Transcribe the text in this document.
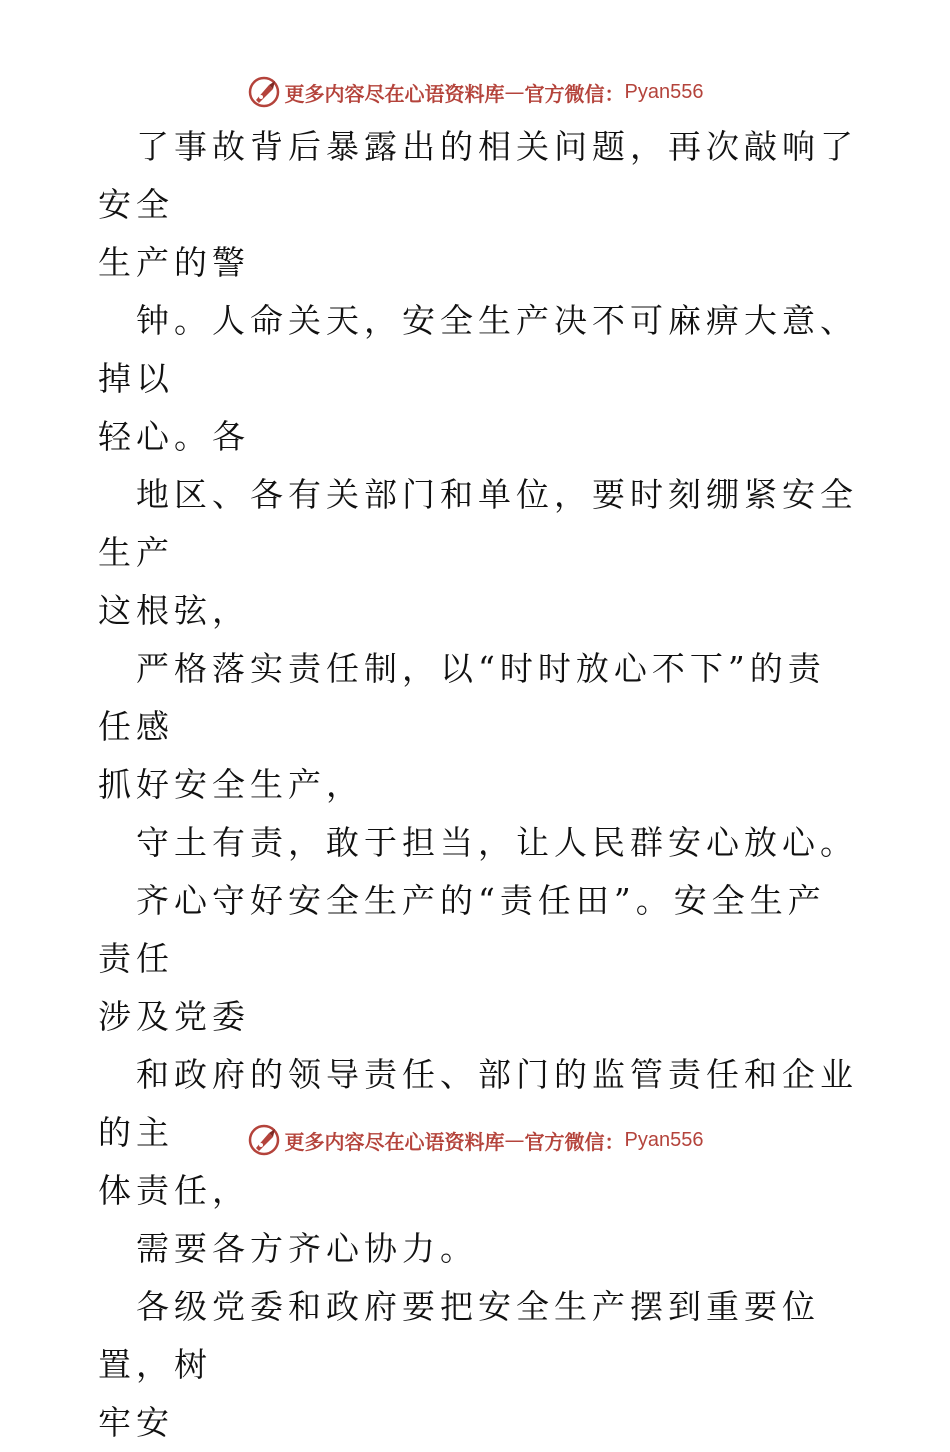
更多内容尽在心语资料库 — 官方微信： Pyan556

了事故背后暴露出的相关问题，再次敲响了安全
生产的警

钟。人命关天，安全生产决不可麻痹大意、掉以
轻心。各

地区、各有关部门和单位，要时刻绷紧安全生产
这根弦，

严格落实责任制，以“时时放心不下”的责任感
抓好安全生产，

守土有责，敢于担当，让人民群安心放心。

齐心守好安全生产的“责任田”。安全生产责任
涉及党委

和政府的领导责任、部门的监管责任和企业的主
体责任，

需要各方齐心协力。

各级党委和政府要把安全生产摆到重要位置，树
牢安

更多内容尽在心语资料库 — 官方微信： Pyan556
